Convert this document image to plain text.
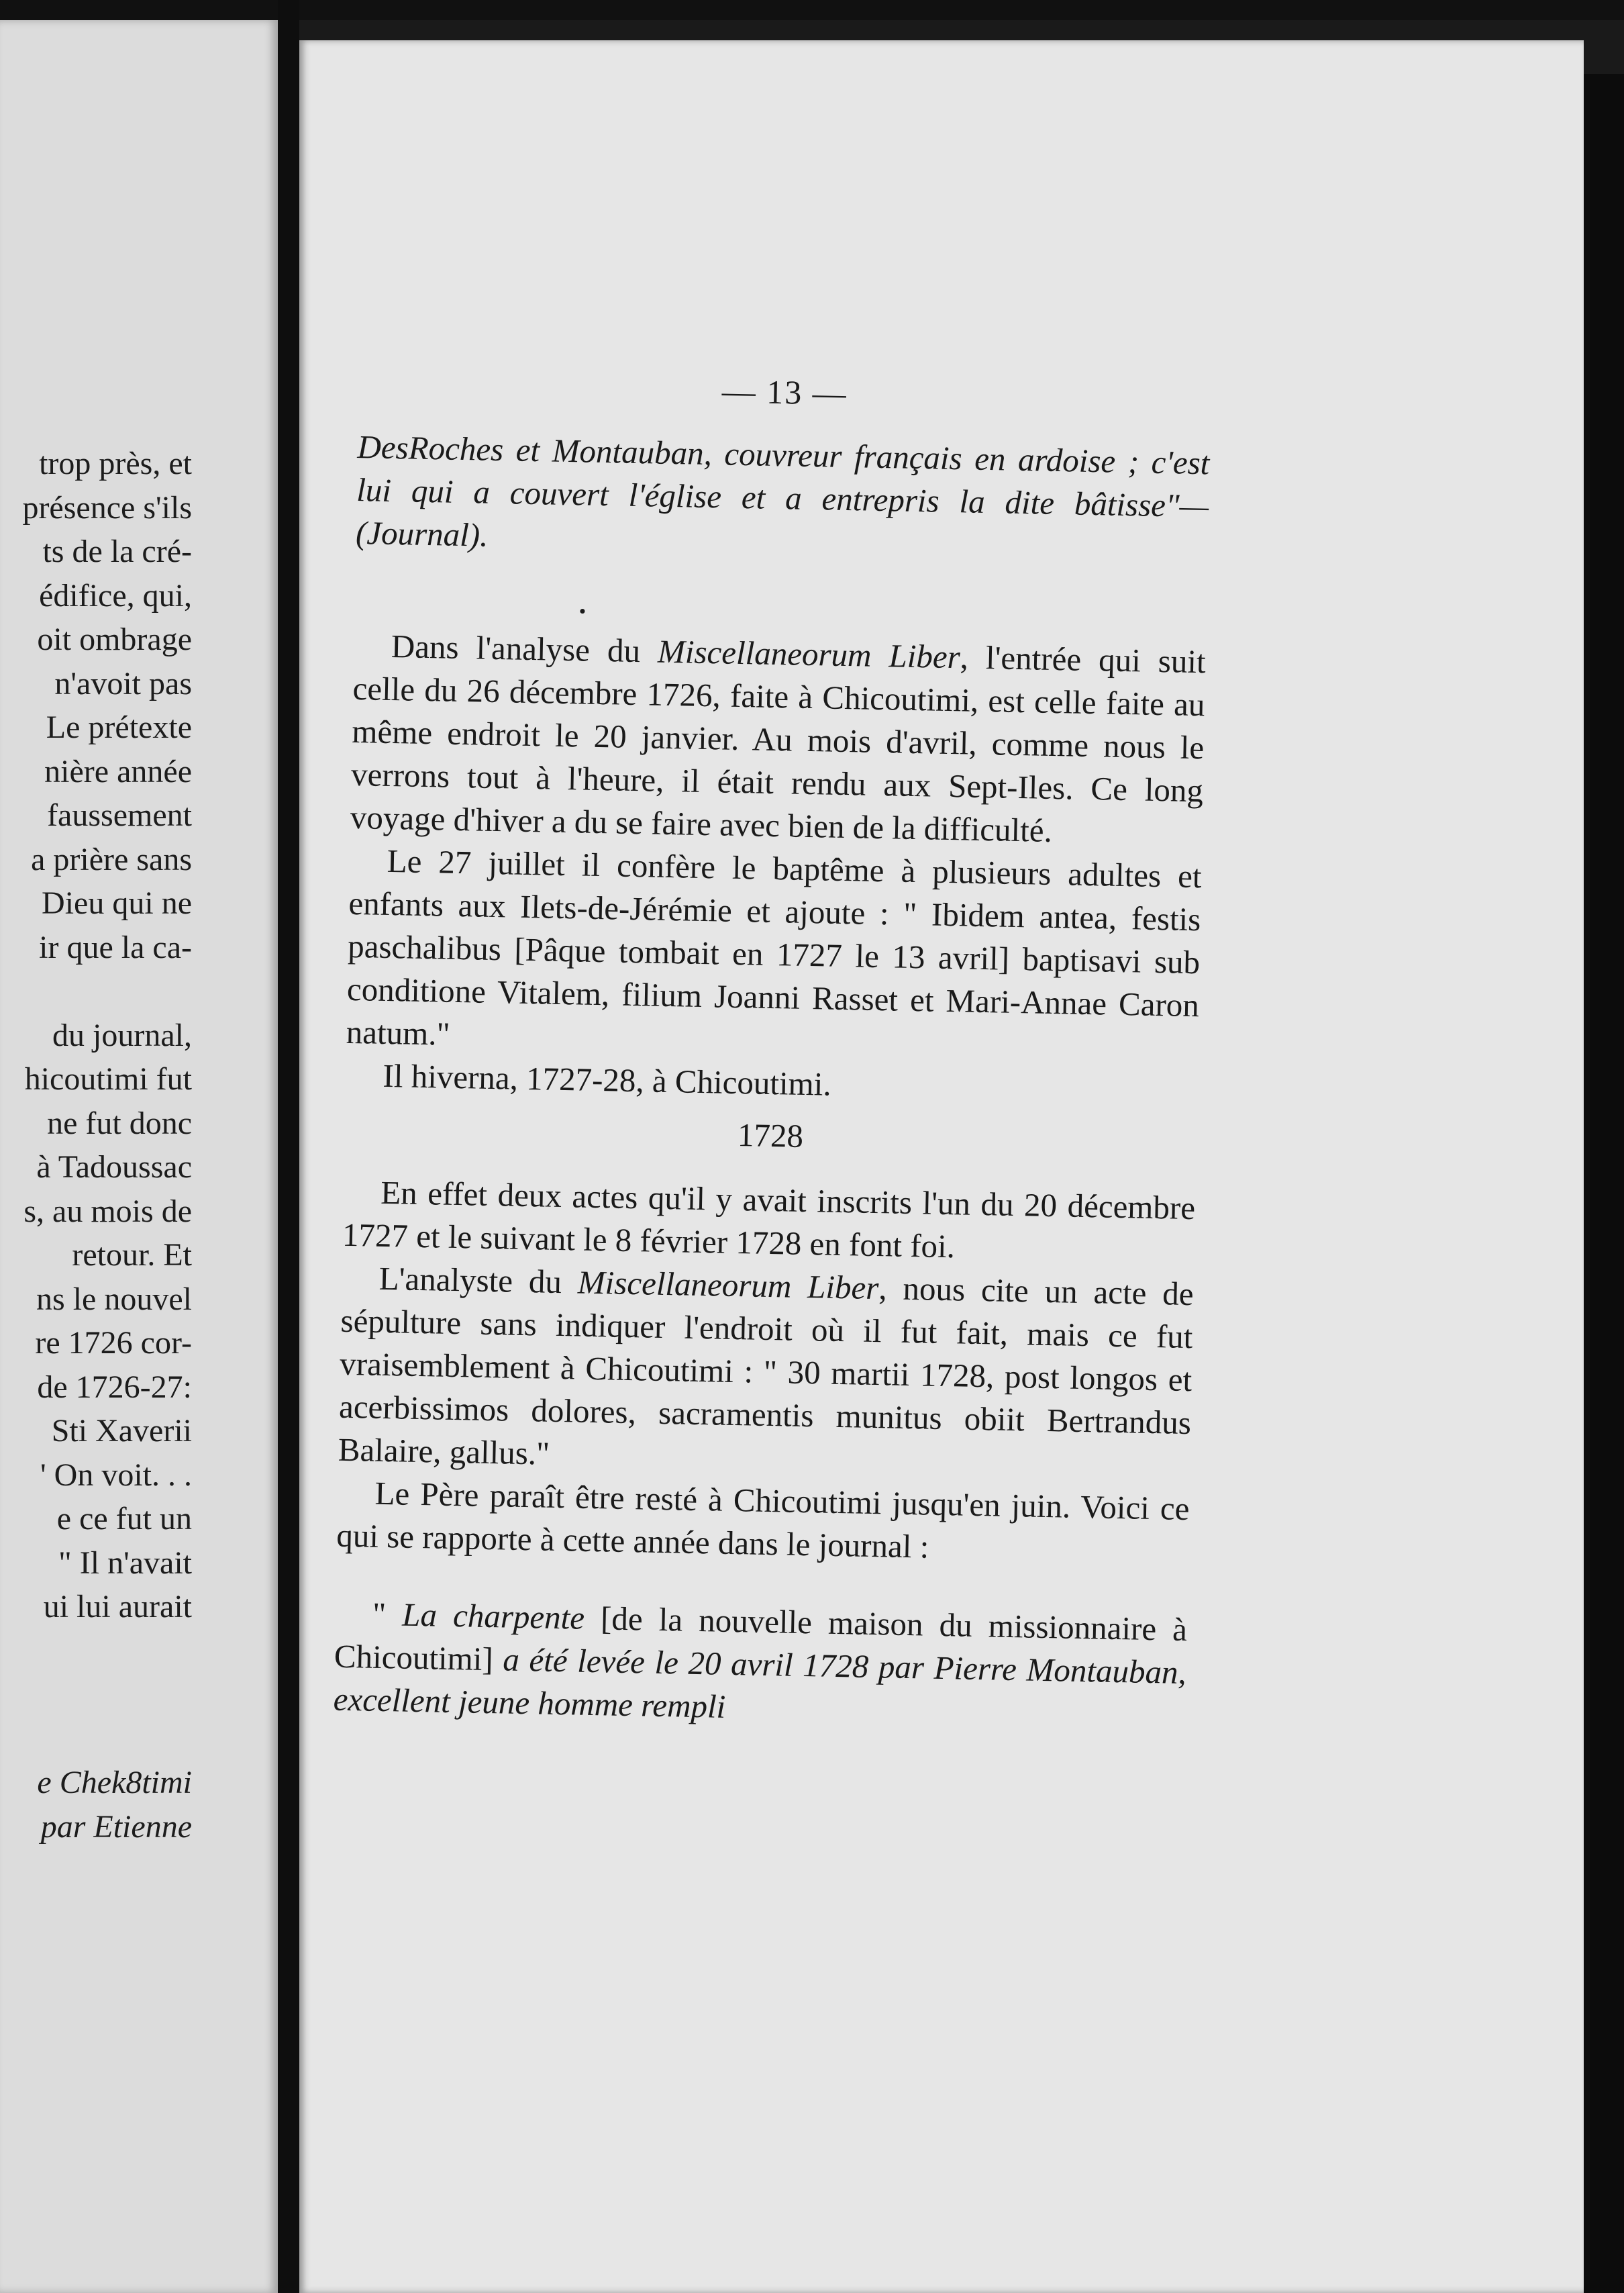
trop près, et
présence s'ils
ts de la cré-
édifice, qui,
oit ombrage
n'avoit pas
Le prétexte
nière année
faussement
a prière sans
Dieu qui ne
ir que la ca-
du journal,
hicoutimi fut
ne fut donc
à Tadoussac
s, au mois de
retour. Et
ns le nouvel
re 1726 cor-
de 1726-27:
Sti Xaverii
' On voit. . .
e ce fut un
" Il n'avait
ui lui aurait
e Chek8timi
par Etienne
— 13 —

DesRoches et Montauban, couvreur français en ardoise ; c'est lui qui a couvert l'église et a entrepris la dite bâtisse"—(Journal).

•

Dans l'analyse du Miscellaneorum Liber, l'entrée qui suit celle du 26 décembre 1726, faite à Chicoutimi, est celle faite au même endroit le 20 janvier. Au mois d'avril, comme nous le verrons tout à l'heure, il était rendu aux Sept-Iles. Ce long voyage d'hiver a du se faire avec bien de la difficulté.

Le 27 juillet il confère le baptême à plusieurs adultes et enfants aux Ilets-de-Jérémie et ajoute : " Ibidem antea, festis paschalibus [Pâque tombait en 1727 le 13 avril] baptisavi sub conditione Vitalem, filium Joanni Rasset et Mari-Annae Caron natum."

Il hiverna, 1727-28, à Chicoutimi.

1728

En effet deux actes qu'il y avait inscrits l'un du 20 décembre 1727 et le suivant le 8 février 1728 en font foi.

L'analyste du Miscellaneorum Liber, nous cite un acte de sépulture sans indiquer l'endroit où il fut fait, mais ce fut vraisemblement à Chicoutimi : " 30 martii 1728, post longos et acerbissimos dolores, sacramentis munitus obiit Bertrandus Balaire, gallus."

Le Père paraît être resté à Chicoutimi jusqu'en juin. Voici ce qui se rapporte à cette année dans le journal :

" La charpente [de la nouvelle maison du missionnaire à Chicoutimi] a été levée le 20 avril 1728 par Pierre Montauban, excellent jeune homme rempli
